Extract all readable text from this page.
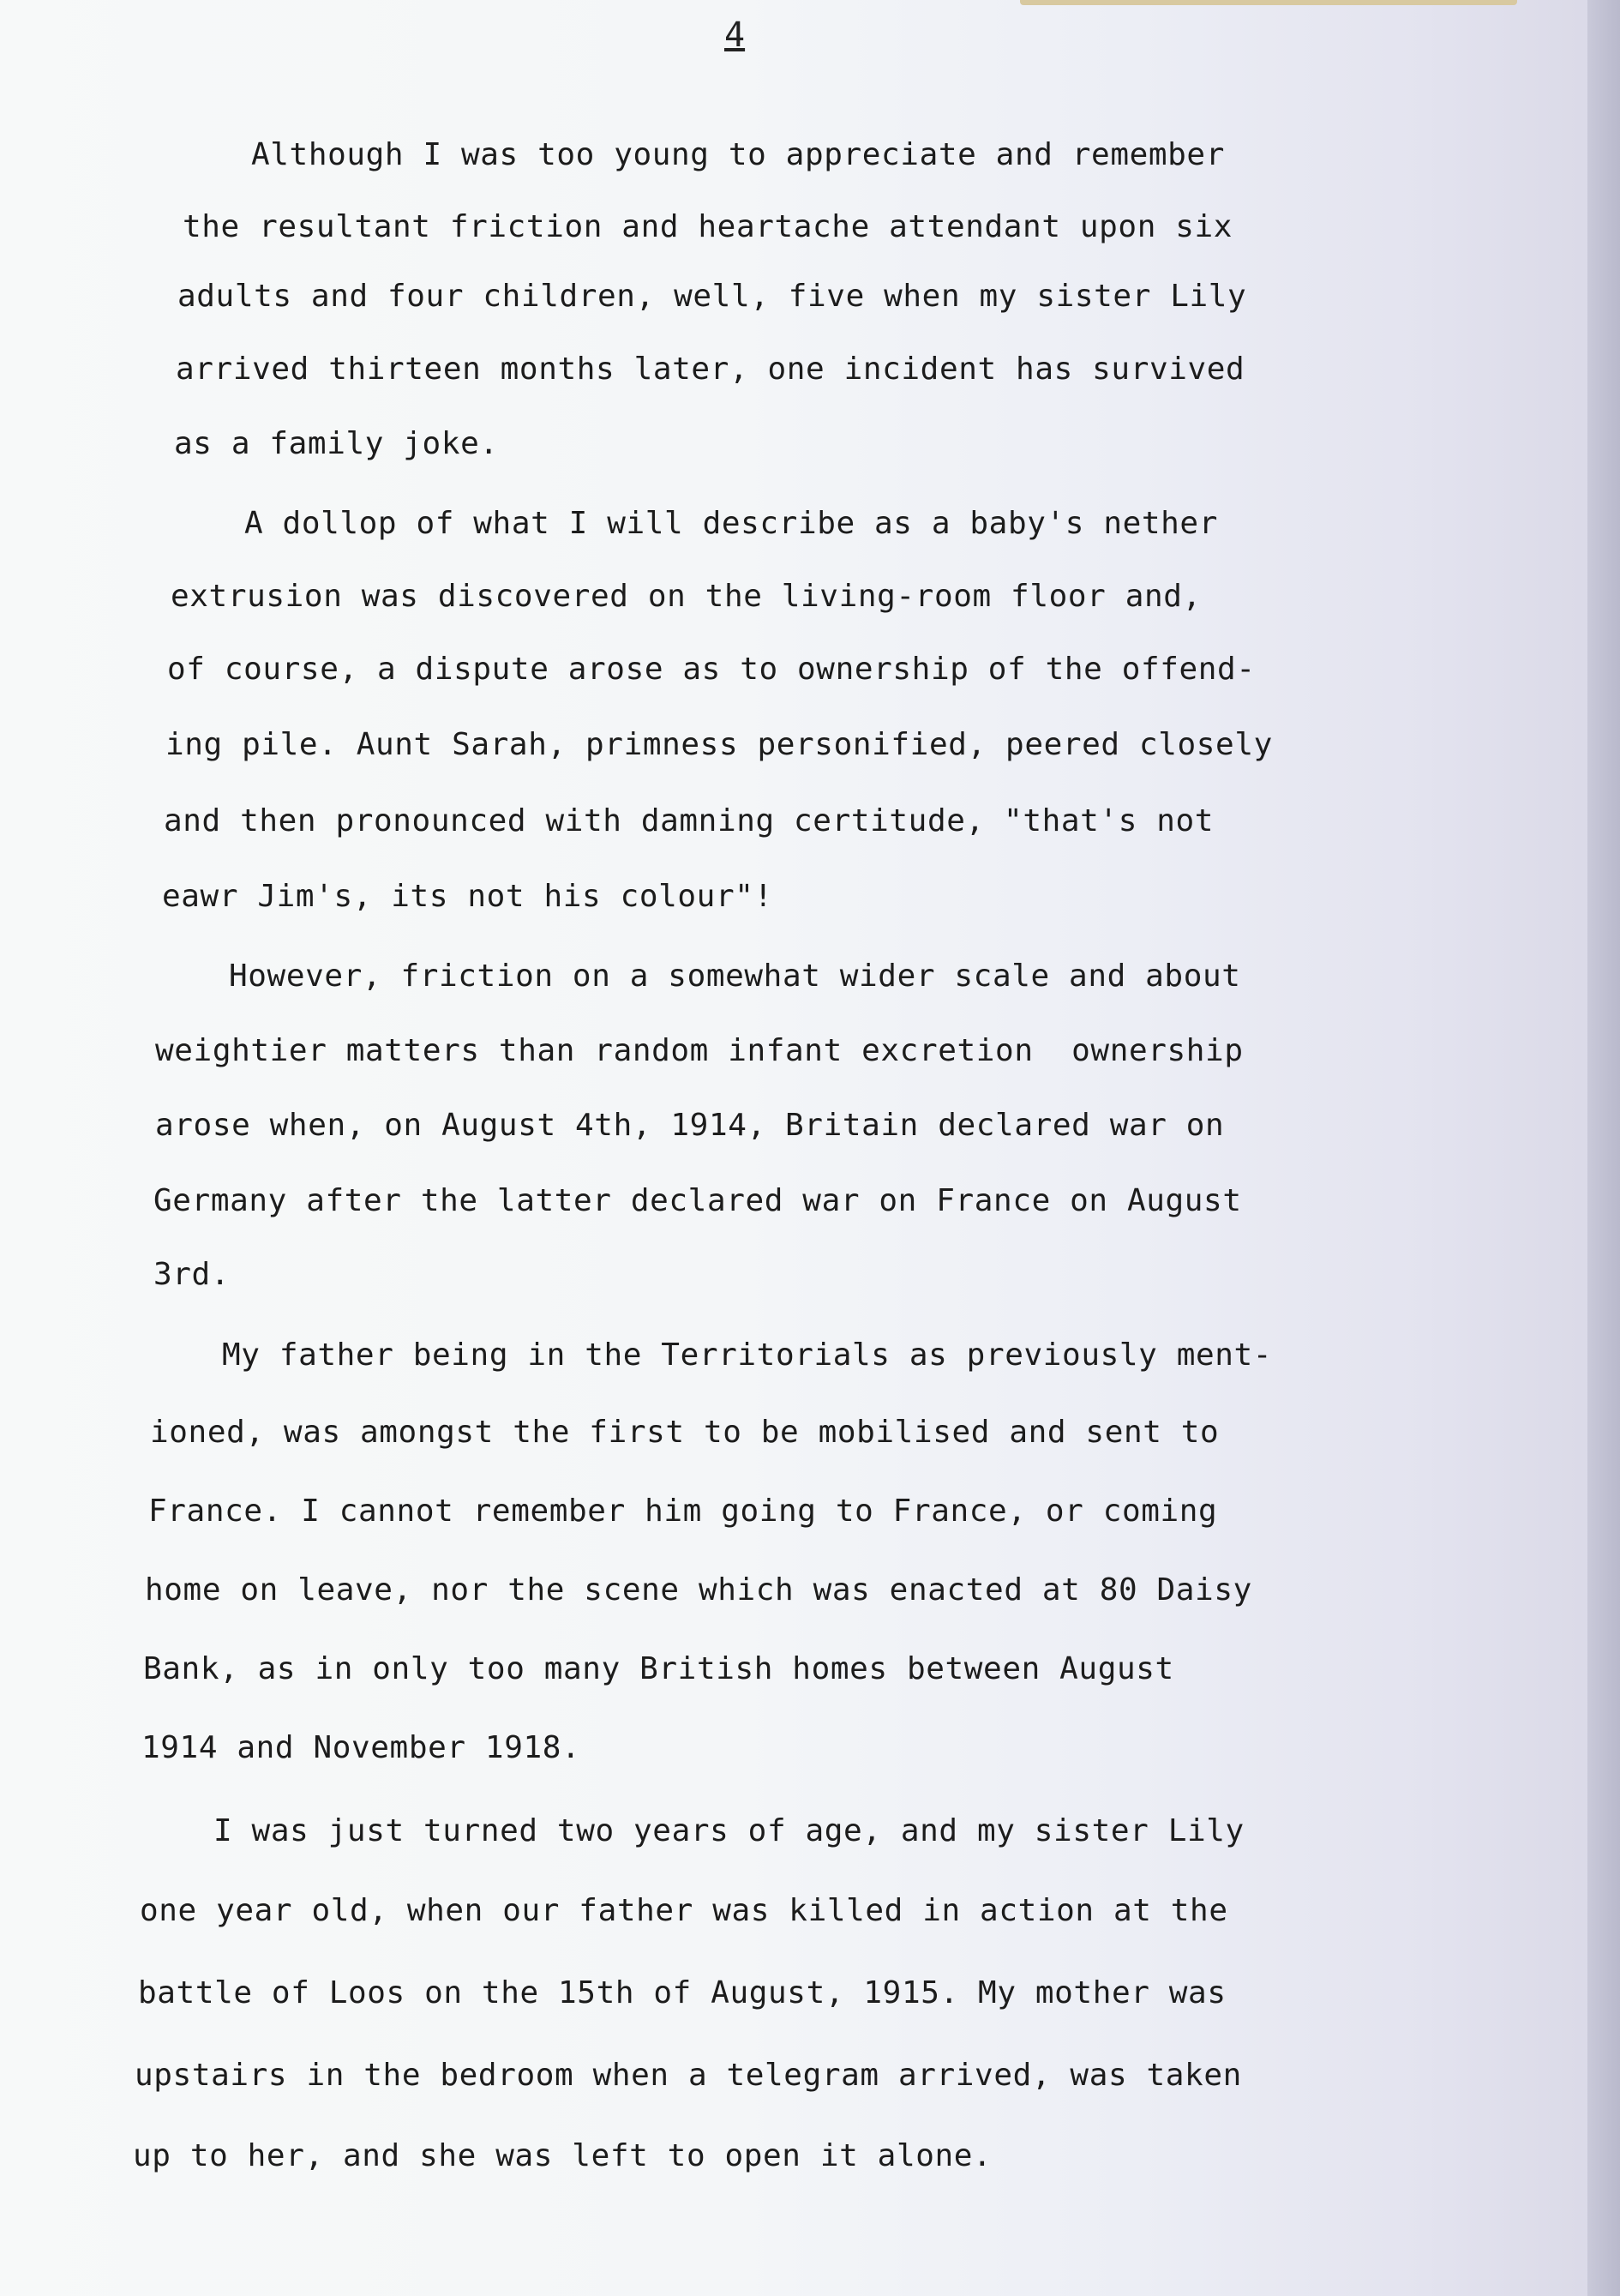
4
Although I was too young to appreciate and remember
the resultant friction and heartache attendant upon six
adults and four children, well, five when my sister Lily
arrived thirteen months later, one incident has survived
as a family joke.
A dollop of what I will describe as a baby's nether
extrusion was discovered on the living-room floor and,
of course, a dispute arose as to ownership of the offend-
ing pile. Aunt Sarah, primness personified, peered closely
and then pronounced with damning certitude, "that's not
eawr Jim's, its not his colour"!
However, friction on a somewhat wider scale and about
weightier matters than random infant excretion  ownership
arose when, on August 4th, 1914, Britain declared war on
Germany after the latter declared war on France on August
3rd.
My father being in the Territorials as previously ment-
ioned, was amongst the first to be mobilised and sent to
France. I cannot remember him going to France, or coming
home on leave, nor the scene which was enacted at 80 Daisy
Bank, as in only too many British homes between August
1914 and November 1918.
I was just turned two years of age, and my sister Lily
one year old, when our father was killed in action at the
battle of Loos on the 15th of August, 1915. My mother was
upstairs in the bedroom when a telegram arrived, was taken
up to her, and she was left to open it alone.
